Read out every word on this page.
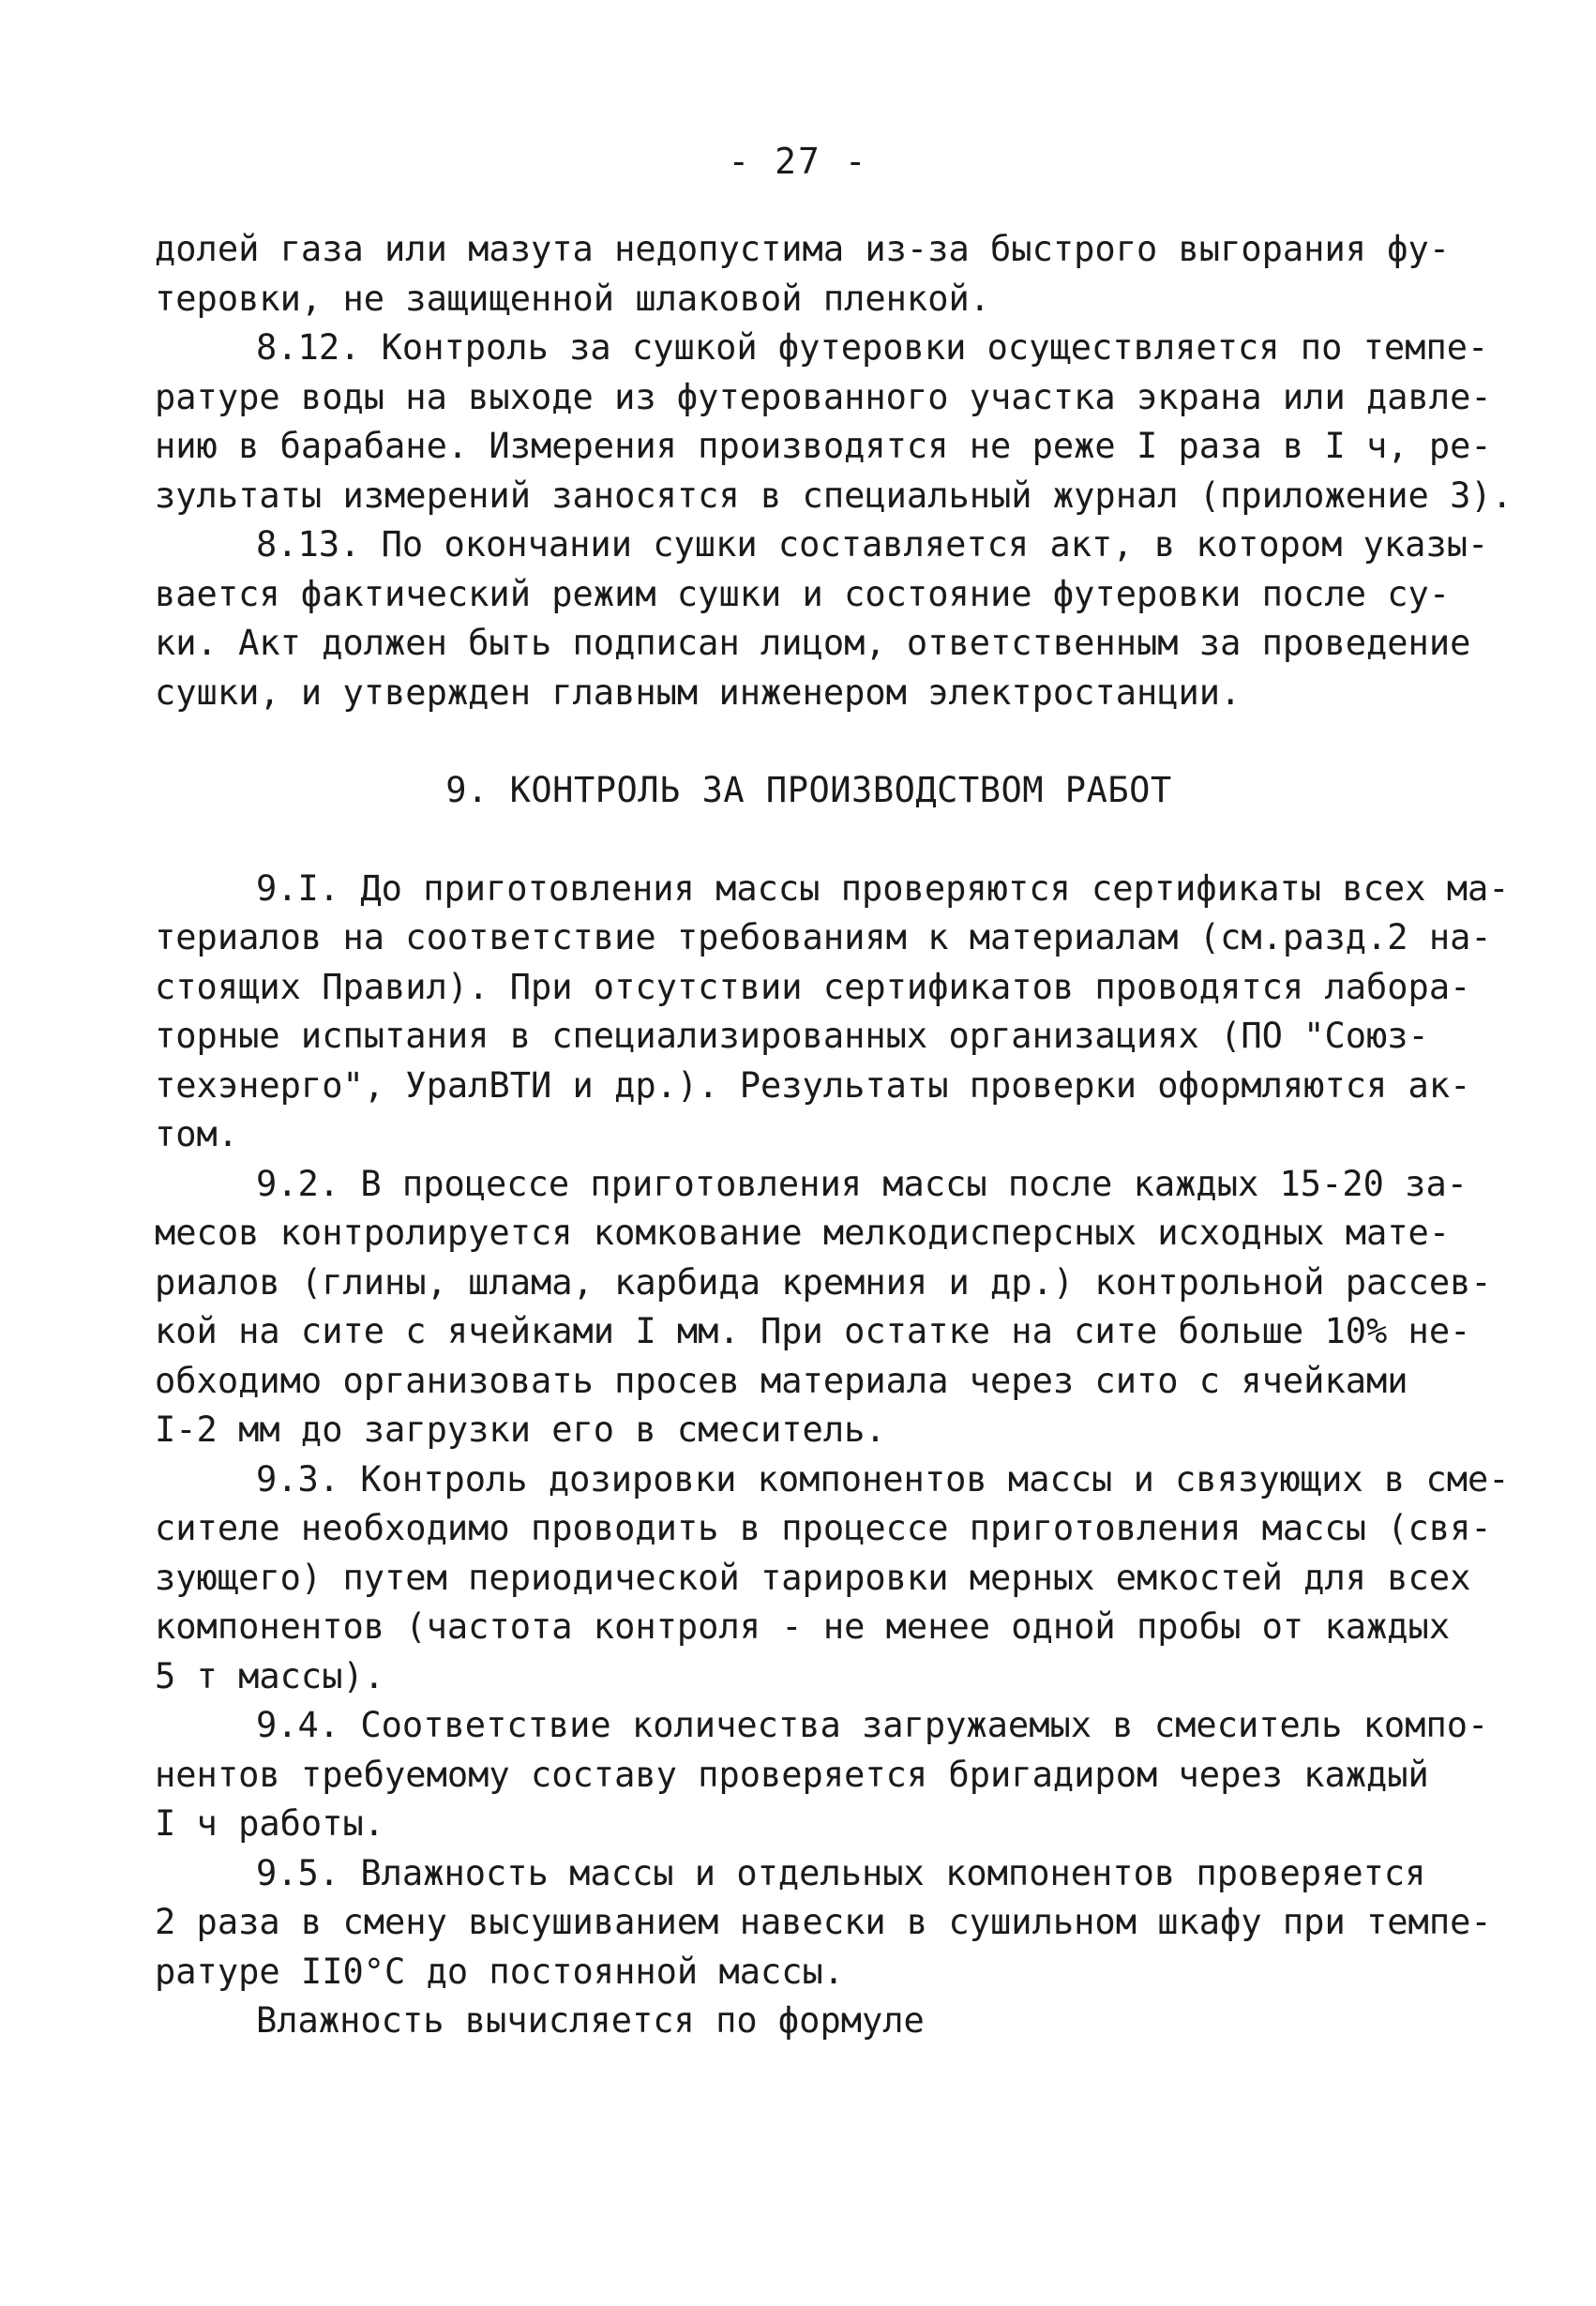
- 27 -
долей газа или мазута недопустима из-за быстрого выгорания фу-
теровки, не защищенной шлаковой пленкой.
8.12. Контроль за сушкой футеровки осуществляется по темпе-
ратуре воды на выходе из футерованного участка экрана или давле-
нию в барабане. Измерения производятся не реже I раза в I ч, ре-
зультаты измерений заносятся в специальный журнал (приложение 3).
8.13. По окончании сушки составляется акт, в котором указы-
вается фактический режим сушки и состояние футеровки после су-
ки. Акт должен быть подписан лицом, ответственным за проведение
сушки, и утвержден главным инженером электростанции.
9. КОНТРОЛЬ ЗА ПРОИЗВОДСТВОМ РАБОТ
9.I. До приготовления массы проверяются сертификаты всех ма-
териалов на соответствие требованиям к материалам (см.разд.2 на-
стоящих Правил). При отсутствии сертификатов проводятся лабора-
торные испытания в специализированных организациях (ПО "Союз-
техэнерго", УралВТИ и др.). Результаты проверки оформляются ак-
том.
9.2. В процессе приготовления массы после каждых 15-20 за-
месов контролируется комкование мелкодисперсных исходных мате-
риалов (глины, шлама, карбида кремния и др.) контрольной рассев-
кой на сите с ячейками I мм. При остатке на сите больше 10% не-
обходимо организовать просев материала через сито с ячейками
I-2 мм до загрузки его в смеситель.
9.3. Контроль дозировки компонентов массы и связующих в сме-
сителе необходимо проводить в процессе приготовления массы (свя-
зующего) путем периодической тарировки мерных емкостей для всех
компонентов (частота контроля - не менее одной пробы от каждых
5 т массы).
9.4. Соответствие количества загружаемых в смеситель компо-
нентов требуемому составу проверяется бригадиром через каждый
I ч работы.
9.5. Влажность массы и отдельных компонентов проверяется
2 раза в смену высушиванием навески в сушильном шкафу при темпе-
ратуре II0°C до постоянной массы.
Влажность вычисляется по формуле
